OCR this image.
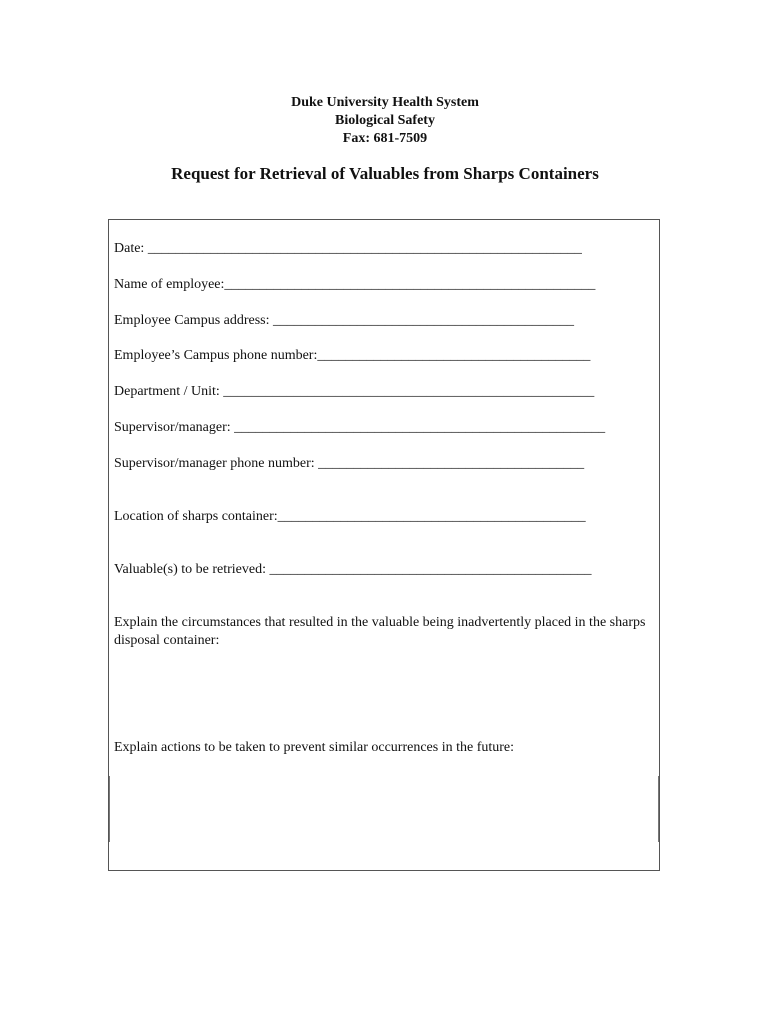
Duke University Health System
Biological Safety
Fax: 681-7509
Request for Retrieval of Valuables from Sharps Containers
Date: ______________________________________________________________
Name of employee:_____________________________________________________
Employee Campus address: ___________________________________________
Employee’s Campus phone number:_______________________________________
Department / Unit: _____________________________________________________
Supervisor/manager: _____________________________________________________
Supervisor/manager phone number: ______________________________________
Location of sharps container:____________________________________________
Valuable(s) to be retrieved: ______________________________________________
Explain the circumstances that resulted in the valuable being inadvertently placed in the sharps disposal container:
Explain actions to be taken to prevent similar occurrences in the future:
